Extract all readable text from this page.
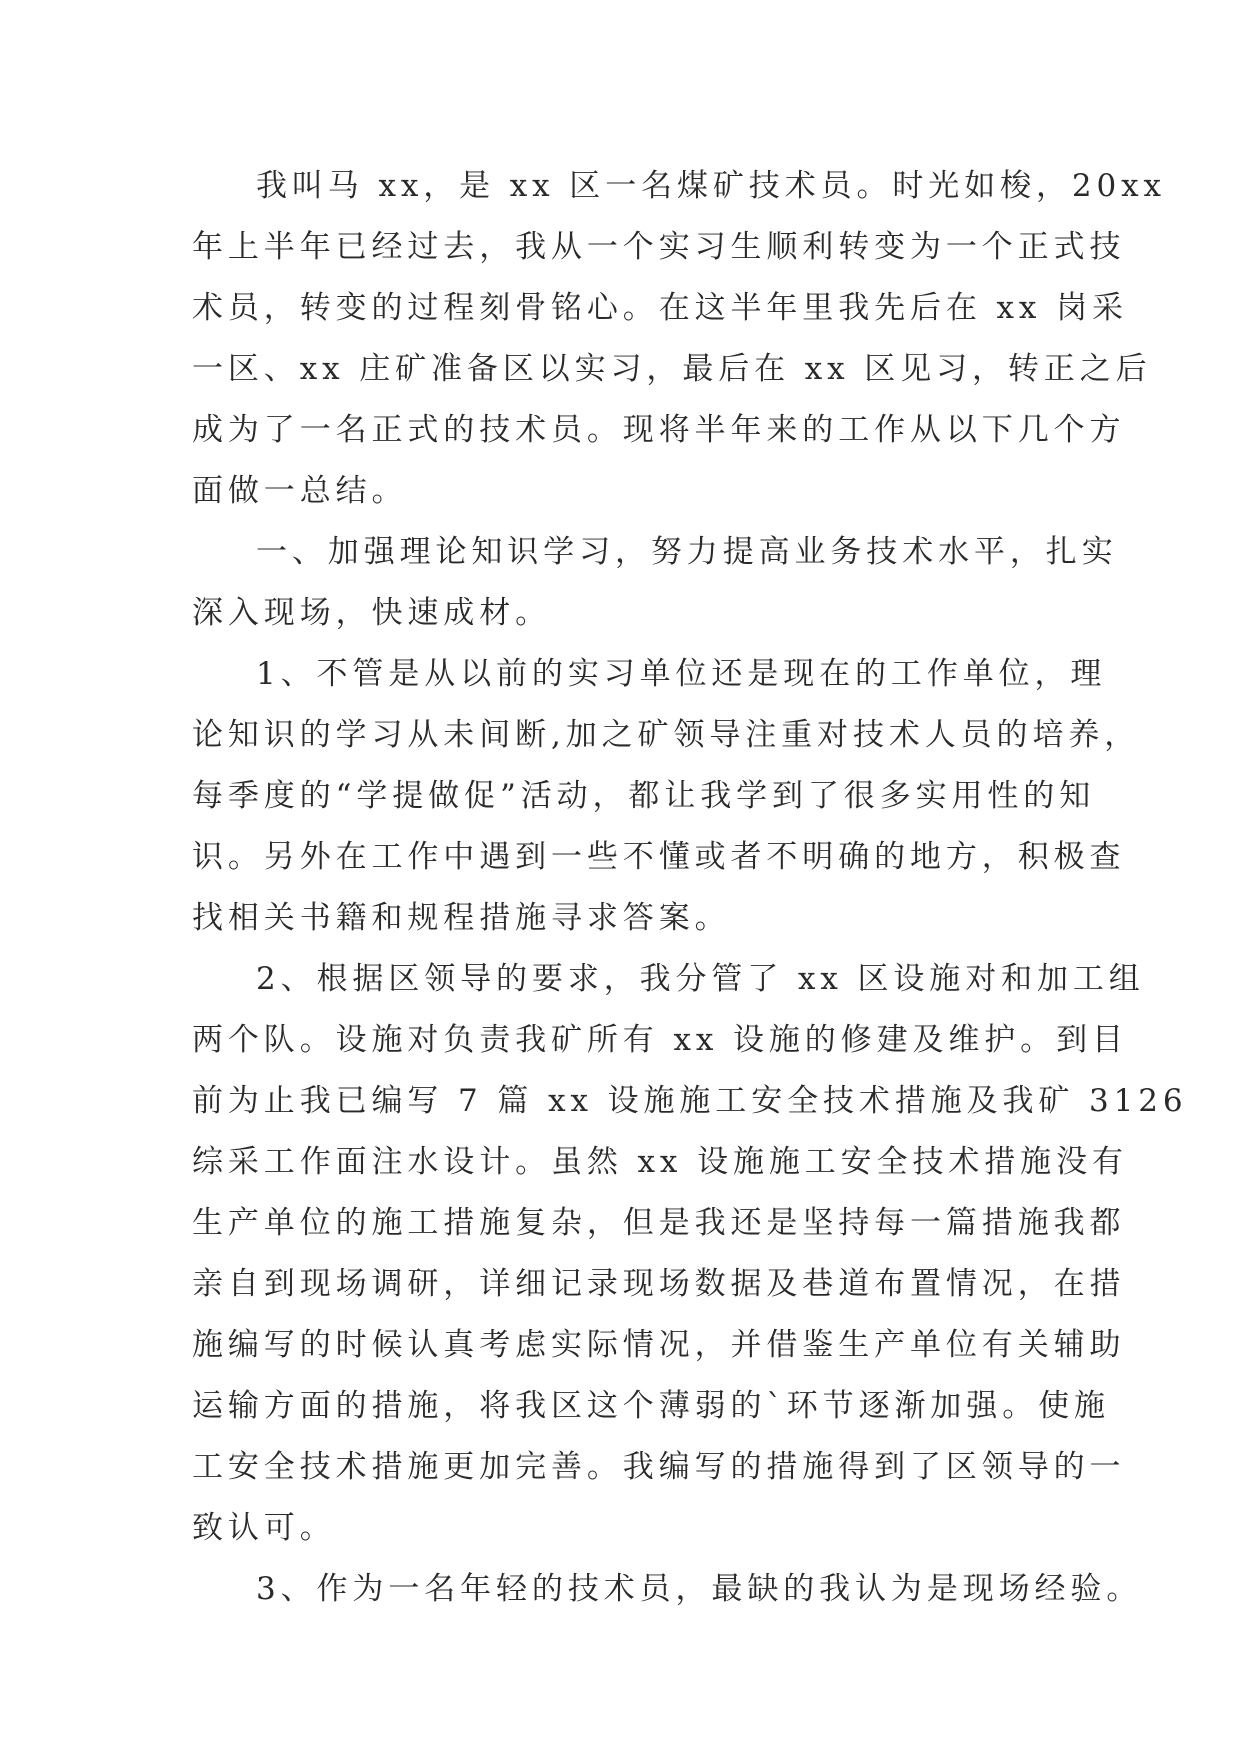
我叫马 xx，是 xx 区一名煤矿技术员。时光如梭，20xx
年上半年已经过去，我从一个实习生顺利转变为一个正式技
术员，转变的过程刻骨铭心。在这半年里我先后在 xx 岗采
一区、xx 庄矿准备区以实习，最后在 xx 区见习，转正之后
成为了一名正式的技术员。现将半年来的工作从以下几个方
面做一总结。
一、加强理论知识学习，努力提高业务技术水平，扎实
深入现场，快速成材。
1、不管是从以前的实习单位还是现在的工作单位，理
论知识的学习从未间断,加之矿领导注重对技术人员的培养，
每季度的“学提做促”活动，都让我学到了很多实用性的知
识。另外在工作中遇到一些不懂或者不明确的地方，积极查
找相关书籍和规程措施寻求答案。
2、根据区领导的要求，我分管了 xx 区设施对和加工组
两个队。设施对负责我矿所有 xx 设施的修建及维护。到目
前为止我已编写 7 篇 xx 设施施工安全技术措施及我矿 3126
综采工作面注水设计。虽然 xx 设施施工安全技术措施没有
生产单位的施工措施复杂，但是我还是坚持每一篇措施我都
亲自到现场调研，详细记录现场数据及巷道布置情况，在措
施编写的时候认真考虑实际情况，并借鉴生产单位有关辅助
运输方面的措施，将我区这个薄弱的`环节逐渐加强。使施
工安全技术措施更加完善。我编写的措施得到了区领导的一
致认可。
3、作为一名年轻的技术员，最缺的我认为是现场经验。
